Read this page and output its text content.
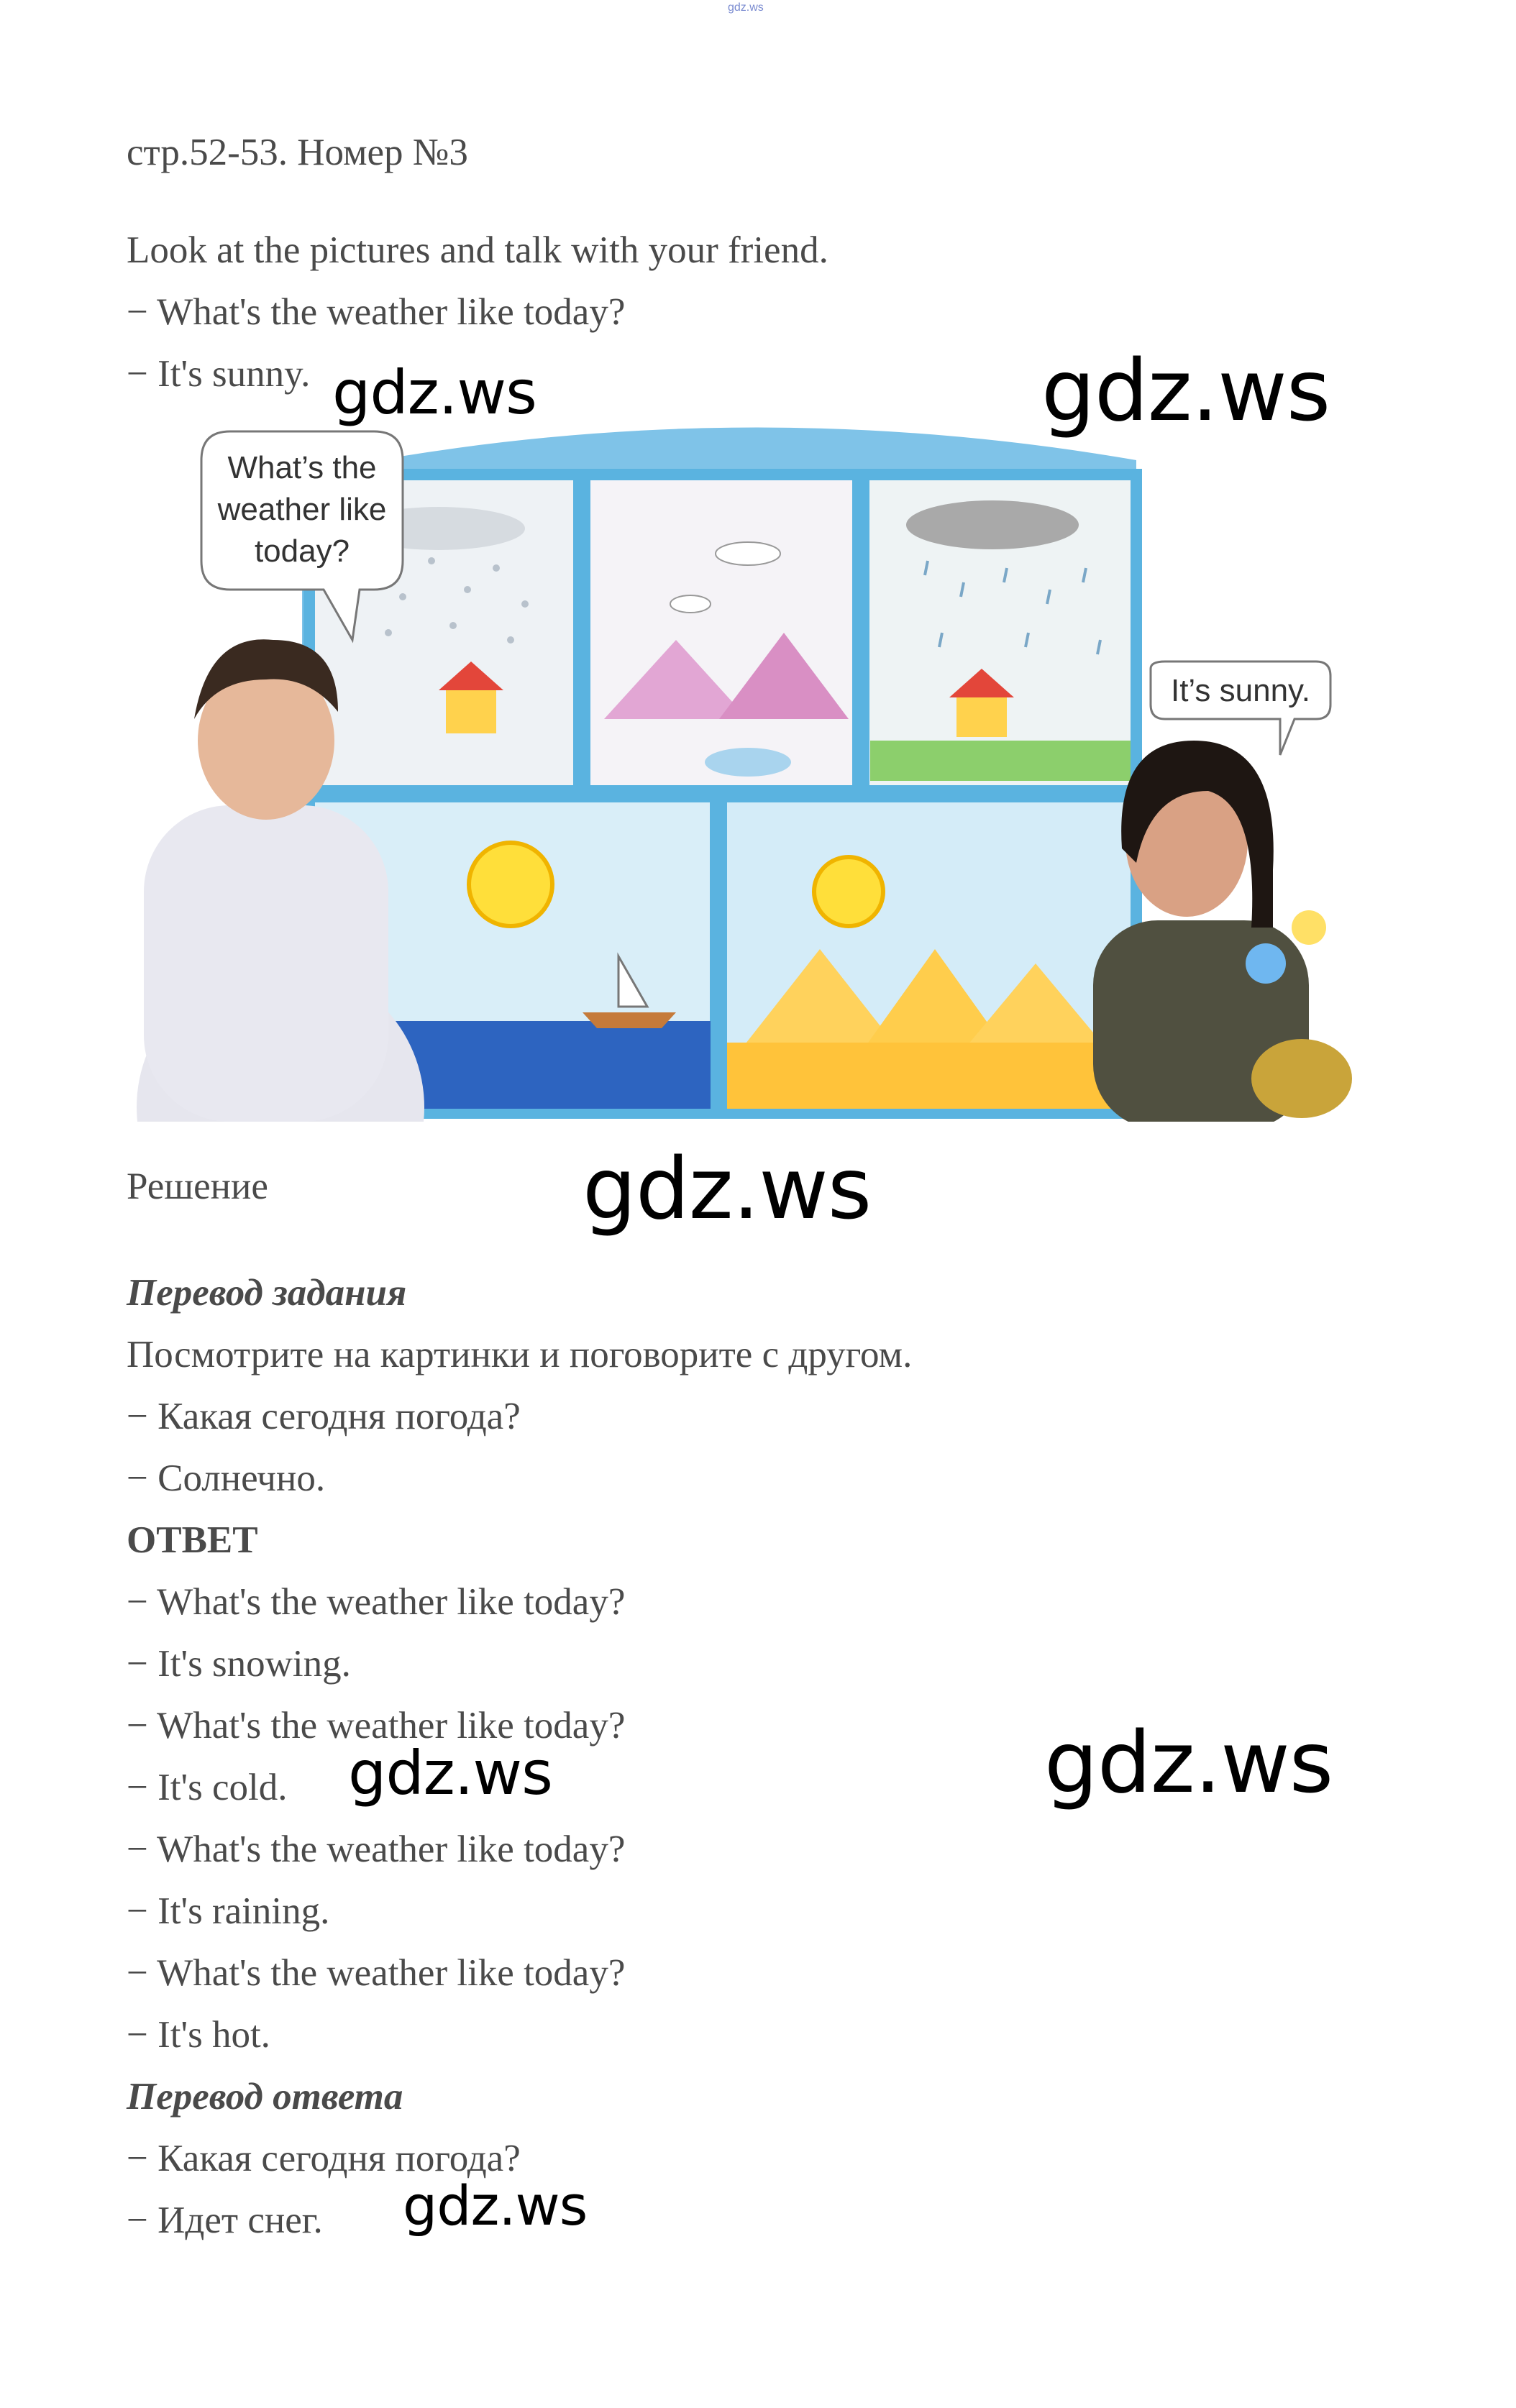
gdz.ws
стр.52-53. Номер №3
Look at the pictures and talk with your friend.
− What's the weather like today?
− It's sunny. gdz.ws	gdz.ws
What’s the
weather like
today?
It’s sunny.
Решение	gdz.ws
Перевод задания
Посмотрите на картинки и поговорите с другом.
− Какая сегодня погода?
− Солнечно.
ОТВЕТ
− What's the weather like today?
− It's snowing.
− What's the weather like today?
− It's cold.
− What's the weather like today?
− It's raining.
− What's the weather like today?
− It's hot.
gdz.ws	gdz.ws
Перевод ответа
− Какая сегодня погода?
− Идет снег. gdz.ws
